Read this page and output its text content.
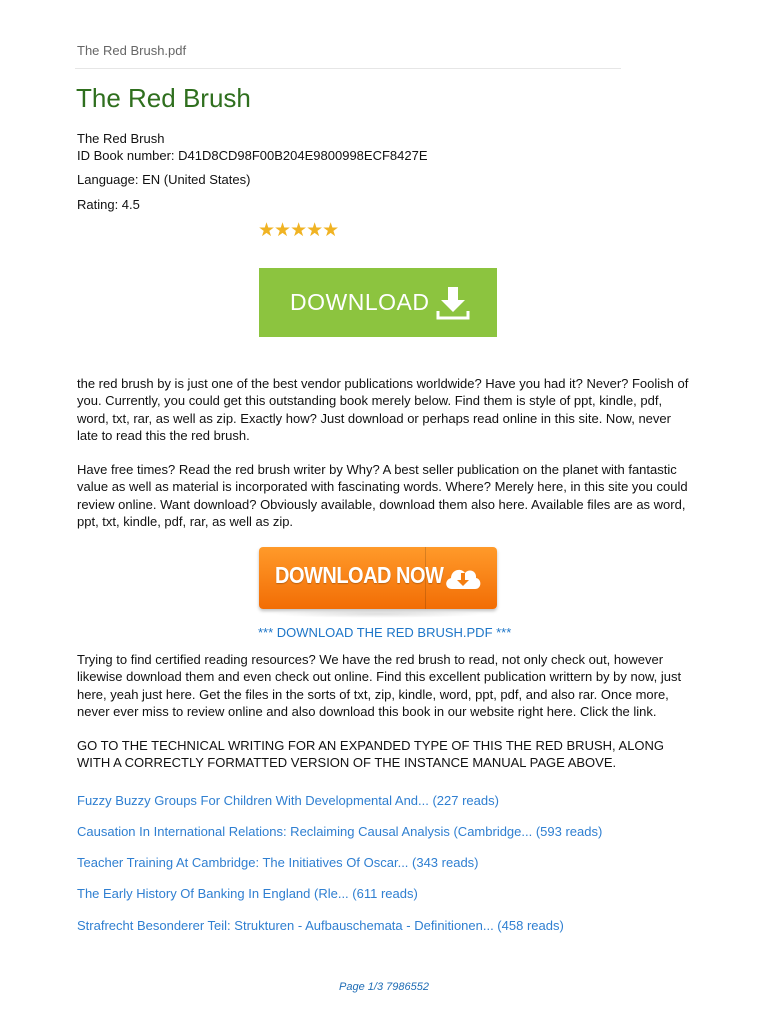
The Red Brush.pdf
The Red Brush
The Red Brush
ID Book number: D41D8CD98F00B204E9800998ECF8427E
Language: EN (United States)
Rating: 4.5
★★★★★
DOWNLOAD

the red brush by is just one of the best vendor publications worldwide? Have you had it? Never? Foolish of you. Currently, you could get this outstanding book merely below. Find them is style of ppt, kindle, pdf, word, txt, rar, as well as zip. Exactly how? Just download or perhaps read online in this site. Now, never late to read this the red brush.

Have free times? Read the red brush writer by Why? A best seller publication on the planet with fantastic value as well as material is incorporated with fascinating words. Where? Merely here, in this site you could review online. Want download? Obviously available, download them also here. Available files are as word, ppt, txt, kindle, pdf, rar, as well as zip.

DOWNLOAD NOW
*** DOWNLOAD THE RED BRUSH.PDF ***

Trying to find certified reading resources? We have the red brush to read, not only check out, however likewise download them and even check out online. Find this excellent publication writtern by by now, just here, yeah just here. Get the files in the sorts of txt, zip, kindle, word, ppt, pdf, and also rar. Once more, never ever miss to review online and also download this book in our website right here. Click the link.

GO TO THE TECHNICAL WRITING FOR AN EXPANDED TYPE OF THIS THE RED BRUSH, ALONG WITH A CORRECTLY FORMATTED VERSION OF THE INSTANCE MANUAL PAGE ABOVE.

Fuzzy Buzzy Groups For Children With Developmental And... (227 reads)
Causation In International Relations: Reclaiming Causal Analysis (Cambridge... (593 reads)
Teacher Training At Cambridge: The Initiatives Of Oscar... (343 reads)
The Early History Of Banking In England (Rle... (611 reads)
Strafrecht Besonderer Teil: Strukturen - Aufbauschemata - Definitionen... (458 reads)
Page 1/3 7986552
